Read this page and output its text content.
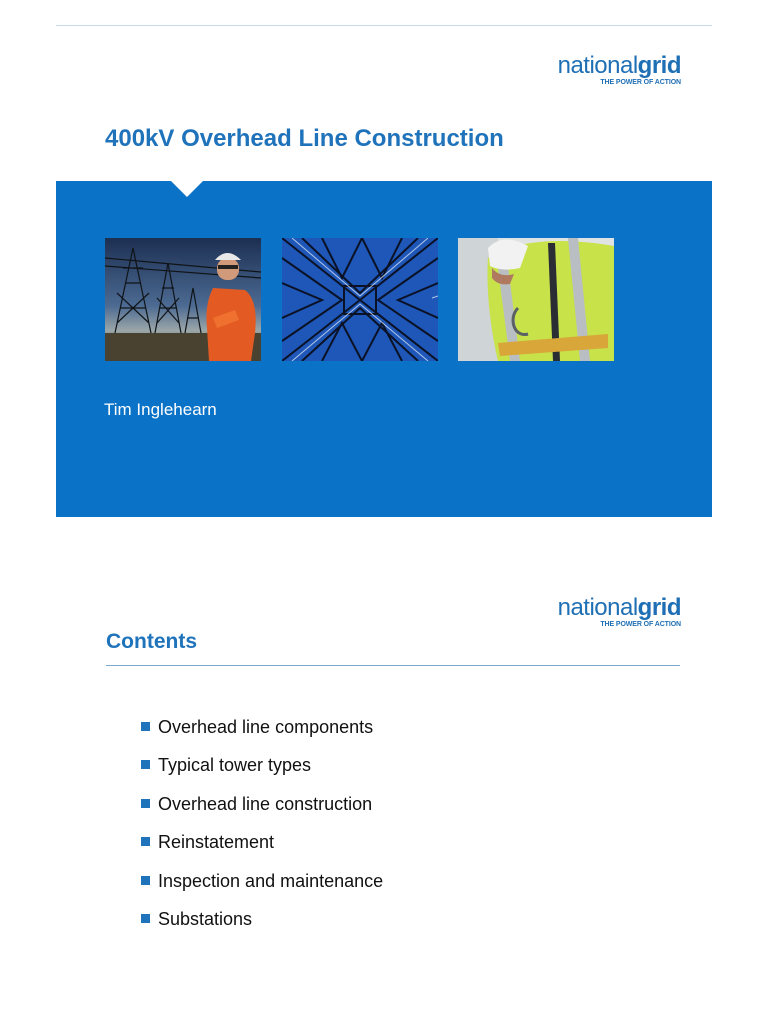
nationalgrid
THE POWER OF ACTION
400kV Overhead Line Construction
Tim Inglehearn
nationalgrid
THE POWER OF ACTION
Contents
Overhead line components
Typical tower types
Overhead line construction
Reinstatement
Inspection and maintenance
Substations
